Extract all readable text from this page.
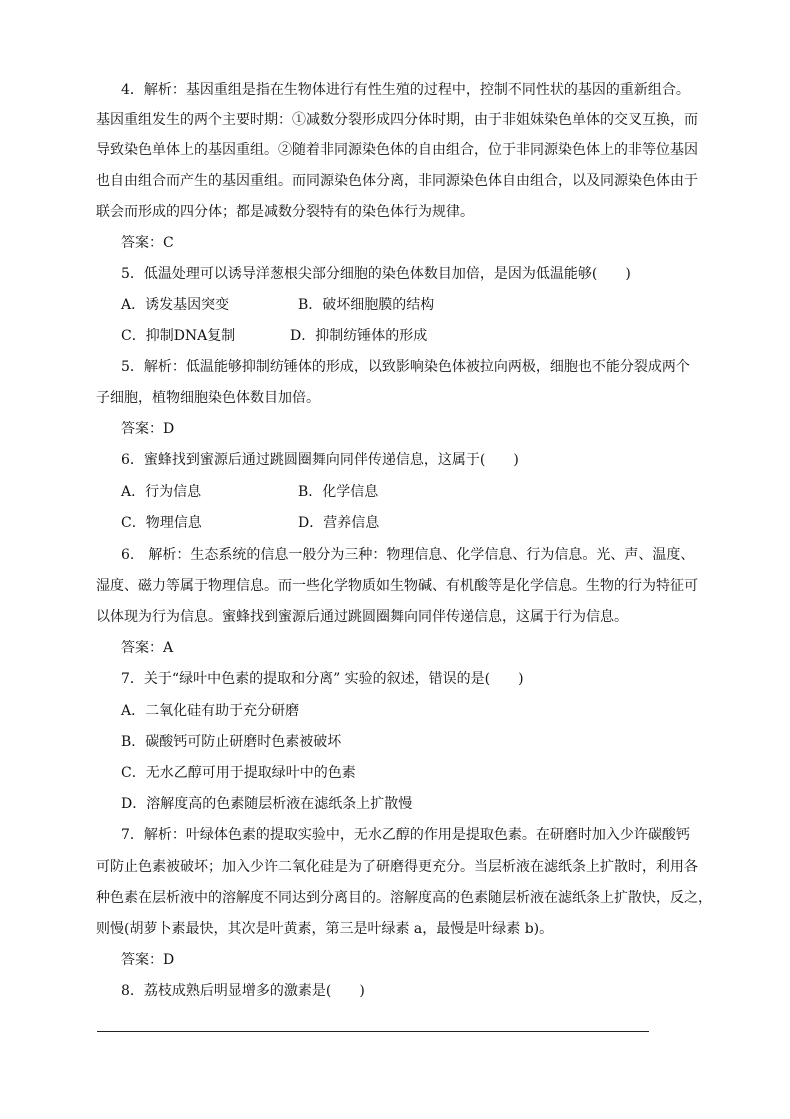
4．解析：基因重组是指在生物体进行有性生殖的过程中，控制不同性状的基因的重新组合。
基因重组发生的两个主要时期：①减数分裂形成四分体时期，由于非姐妹染色单体的交叉互换，而
导致染色单体上的基因重组。②随着非同源染色体的自由组合，位于非同源染色体上的非等位基因
也自由组合而产生的基因重组。而同源染色体分离，非同源染色体自由组合，以及同源染色体由于
联会而形成的四分体；都是减数分裂特有的染色体行为规律。
答案：C
5．低温处理可以诱导洋葱根尖部分细胞的染色体数目加倍，是因为低温能够(　　)
A．诱发基因突变	B．破坏细胞膜的结构
C．抑制DNA复制	D．抑制纺锤体的形成
5．解析：低温能够抑制纺锤体的形成，以致影响染色体被拉向两极，细胞也不能分裂成两个
子细胞，植物细胞染色体数目加倍。
答案：D
6．蜜蜂找到蜜源后通过跳圆圈舞向同伴传递信息，这属于(　　)
A．行为信息	B．化学信息
C．物理信息	D．营养信息
6.　解析：生态系统的信息一般分为三种：物理信息、化学信息、行为信息。光、声、温度、
湿度、磁力等属于物理信息。而一些化学物质如生物碱、有机酸等是化学信息。生物的行为特征可
以体现为行为信息。蜜蜂找到蜜源后通过跳圆圈舞向同伴传递信息，这属于行为信息。
答案：A
7．关于“绿叶中色素的提取和分离” 实验的叙述，错误的是(　　)
A．二氧化硅有助于充分研磨
B．碳酸钙可防止研磨时色素被破坏
C．无水乙醇可用于提取绿叶中的色素
D．溶解度高的色素随层析液在滤纸条上扩散慢
7．解析：叶绿体色素的提取实验中，无水乙醇的作用是提取色素。在研磨时加入少许碳酸钙
可防止色素被破坏；加入少许二氧化硅是为了研磨得更充分。当层析液在滤纸条上扩散时，利用各
种色素在层析液中的溶解度不同达到分离目的。溶解度高的色素随层析液在滤纸条上扩散快，反之，
则慢(胡萝卜素最快，其次是叶黄素，第三是叶绿素 a，最慢是叶绿素 b)。
答案：D
8．荔枝成熟后明显增多的激素是(　　)
